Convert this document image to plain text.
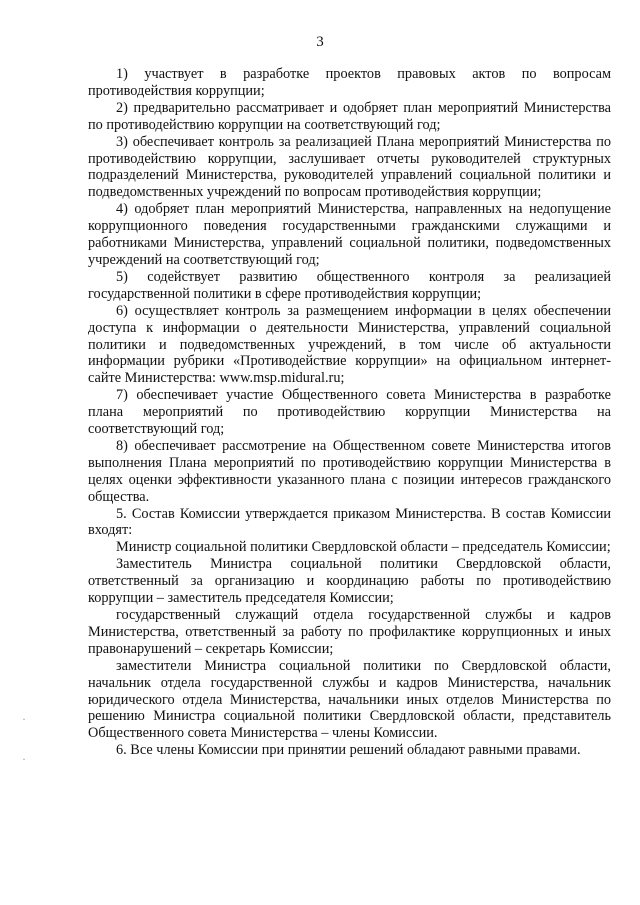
3

1) участвует в разработке проектов правовых актов по вопросам противодействия коррупции;

2) предварительно рассматривает и одобряет план мероприятий Министерства по противодействию коррупции на соответствующий год;

3) обеспечивает контроль за реализацией Плана мероприятий Министерства по противодействию коррупции, заслушивает отчеты руководителей структурных подразделений Министерства, руководителей управлений социальной политики и подведомственных учреждений по вопросам противодействия коррупции;

4) одобряет план мероприятий Министерства, направленных на недопущение коррупционного поведения государственными гражданскими служащими и работниками Министерства, управлений социальной политики, подведомственных учреждений на соответствующий год;

5) содействует развитию общественного контроля за реализацией государственной политики в сфере противодействия коррупции;

6) осуществляет контроль за размещением информации в целях обеспечении доступа к информации о деятельности Министерства, управлений социальной политики и подведомственных учреждений, в том числе об актуальности информации рубрики «Противодействие коррупции» на официальном интернет-сайте Министерства: www.msp.midural.ru;

7) обеспечивает участие Общественного совета Министерства в разработке плана мероприятий по противодействию коррупции Министерства на соответствующий год;

8) обеспечивает рассмотрение на Общественном совете Министерства итогов выполнения Плана мероприятий по противодействию коррупции Министерства в целях оценки эффективности указанного плана с позиции интересов гражданского общества.

5. Состав Комиссии утверждается приказом Министерства. В состав Комиссии входят:

Министр социальной политики Свердловской области – председатель Комиссии;

Заместитель Министра социальной политики Свердловской области, ответственный за организацию и координацию работы по противодействию коррупции – заместитель председателя Комиссии;

государственный служащий отдела государственной службы и кадров Министерства, ответственный за работу по профилактике коррупционных и иных правонарушений – секретарь Комиссии;

заместители Министра социальной политики по Свердловской области, начальник отдела государственной службы и кадров Министерства, начальник юридического отдела Министерства, начальники иных отделов Министерства по решению Министра социальной политики Свердловской области, представитель Общественного совета Министерства – члены Комиссии.

6. Все члены Комиссии при принятии решений обладают равными правами.

·
·
